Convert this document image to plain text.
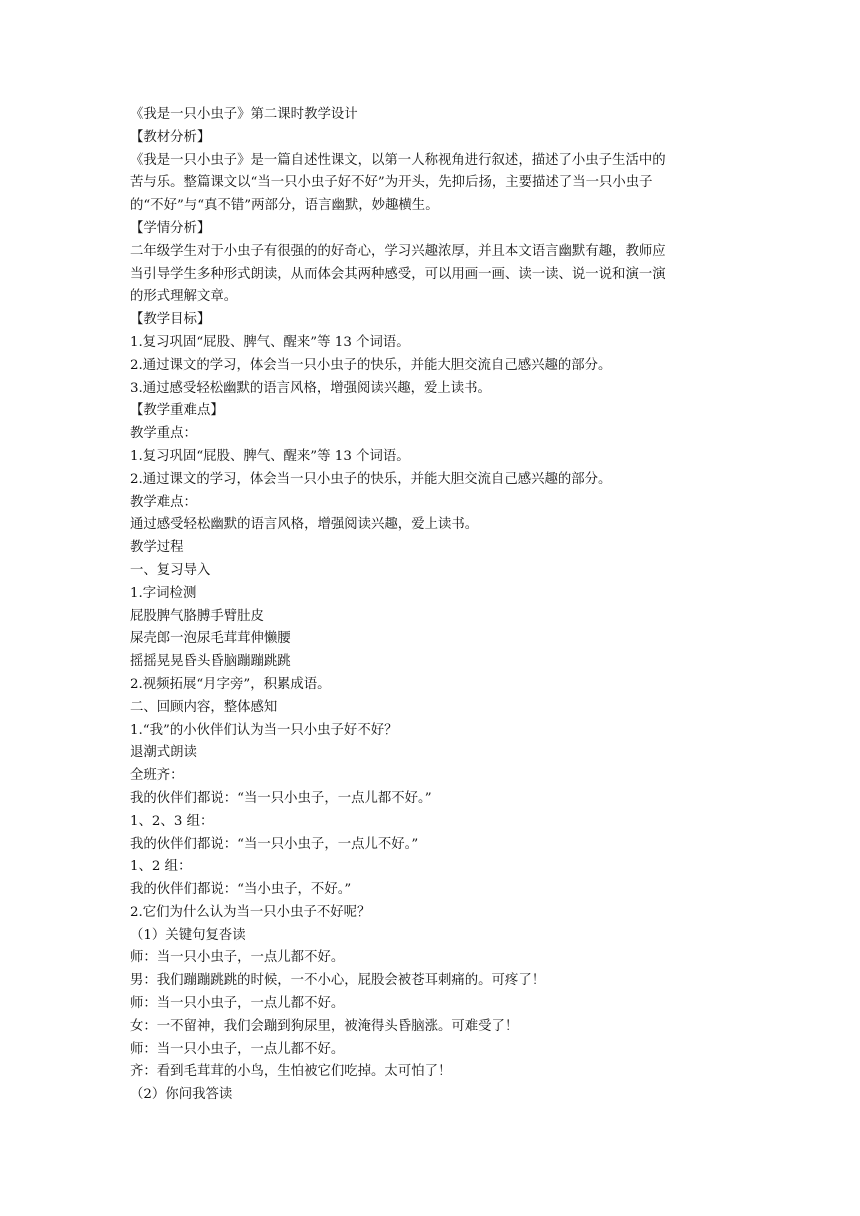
《我是一只小虫子》第二课时教学设计
【教材分析】
《我是一只小虫子》是一篇自述性课文，以第一人称视角进行叙述，描述了小虫子生活中的
苦与乐。整篇课文以“当一只小虫子好不好”为开头，先抑后扬，主要描述了当一只小虫子
的“不好”与“真不错”两部分，语言幽默，妙趣横生。
【学情分析】
二年级学生对于小虫子有很强的的好奇心，学习兴趣浓厚，并且本文语言幽默有趣，教师应
当引导学生多种形式朗读，从而体会其两种感受，可以用画一画、读一读、说一说和演一演
的形式理解文章。
【教学目标】
1.复习巩固“屁股、脾气、醒来”等 13 个词语。
2.通过课文的学习，体会当一只小虫子的快乐，并能大胆交流自己感兴趣的部分。
3.通过感受轻松幽默的语言风格，增强阅读兴趣，爱上读书。
【教学重难点】
教学重点：
1.复习巩固“屁股、脾气、醒来”等 13 个词语。
2.通过课文的学习，体会当一只小虫子的快乐，并能大胆交流自己感兴趣的部分。
教学难点：
通过感受轻松幽默的语言风格，增强阅读兴趣，爱上读书。
教学过程
一、复习导入
1.字词检测
屁股脾气胳膊手臂肚皮
屎壳郎一泡尿毛茸茸伸懒腰
摇摇晃晃昏头昏脑蹦蹦跳跳
2.视频拓展“月字旁”，积累成语。
二、回顾内容，整体感知
1.“我”的小伙伴们认为当一只小虫子好不好？
退潮式朗读
全班齐：
我的伙伴们都说：“当一只小虫子，一点儿都不好。”
1、2、3 组：
我的伙伴们都说：“当一只小虫子，一点儿不好。”
1、2 组：
我的伙伴们都说：“当小虫子，不好。”
2.它们为什么认为当一只小虫子不好呢？
（1）关键句复沓读
师：当一只小虫子，一点儿都不好。
男：我们蹦蹦跳跳的时候，一不小心，屁股会被苍耳刺痛的。可疼了！
师：当一只小虫子，一点儿都不好。
女：一不留神，我们会蹦到狗尿里，被淹得头昏脑涨。可难受了！
师：当一只小虫子，一点儿都不好。
齐：看到毛茸茸的小鸟，生怕被它们吃掉。太可怕了！
（2）你问我答读
